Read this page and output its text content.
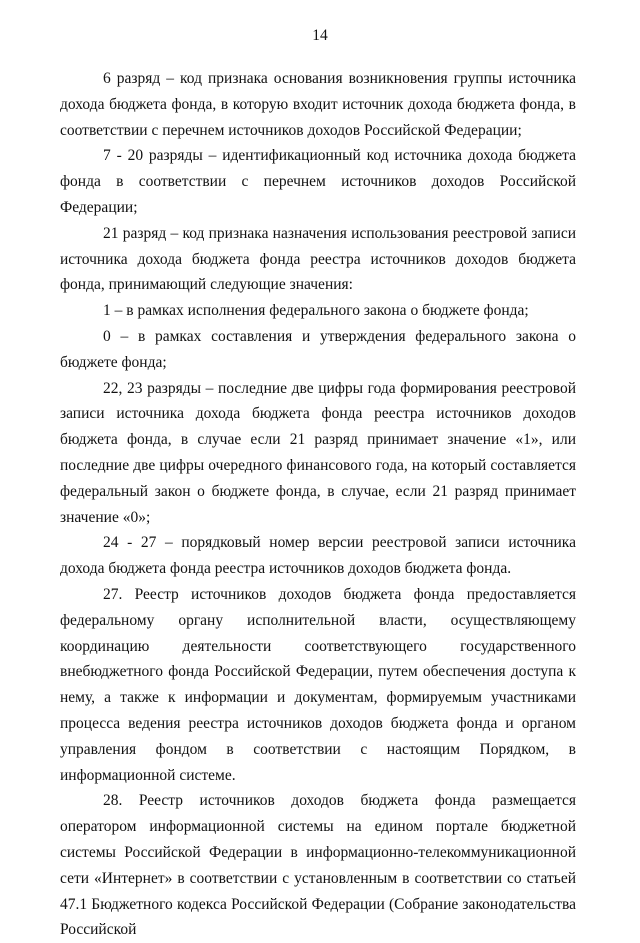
14

6 разряд – код признака основания возникновения группы источника дохода бюджета фонда, в которую входит источник дохода бюджета фонда, в соответствии с перечнем источников доходов Российской Федерации;

7 - 20 разряды – идентификационный код источника дохода бюджета фонда в соответствии с перечнем источников доходов Российской Федерации;

21 разряд – код признака назначения использования реестровой записи источника дохода бюджета фонда реестра источников доходов бюджета фонда, принимающий следующие значения:

1 – в рамках исполнения федерального закона о бюджете фонда;

0 – в рамках составления и утверждения федерального закона о бюджете фонда;

22, 23 разряды – последние две цифры года формирования реестровой записи источника дохода бюджета фонда реестра источников доходов бюджета фонда, в случае если 21 разряд принимает значение «1», или последние две цифры очередного финансового года, на который составляется федеральный закон о бюджете фонда, в случае, если 21 разряд принимает значение «0»;

24 - 27 – порядковый номер версии реестровой записи источника дохода бюджета фонда реестра источников доходов бюджета фонда.

27. Реестр источников доходов бюджета фонда предоставляется федеральному органу исполнительной власти, осуществляющему координацию деятельности соответствующего государственного внебюджетного фонда Российской Федерации, путем обеспечения доступа к нему, а также к информации и документам, формируемым участниками процесса ведения реестра источников доходов бюджета фонда и органом управления фондом в соответствии с настоящим Порядком, в информационной системе.

28. Реестр источников доходов бюджета фонда размещается оператором информационной системы на едином портале бюджетной системы Российской Федерации в информационно-телекоммуникационной сети «Интернет» в соответствии с установленным в соответствии со статьей 47.1 Бюджетного кодекса Российской Федерации (Собрание законодательства Российской
